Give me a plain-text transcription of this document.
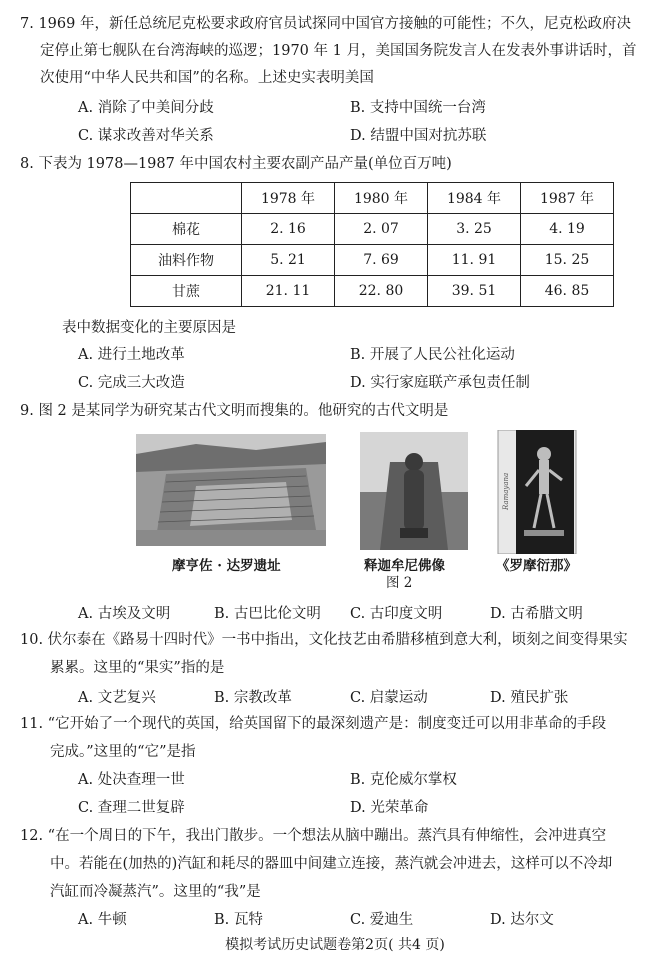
7. 1969 年，新任总统尼克松要求政府官员试探同中国官方接触的可能性；不久，尼克松政府决
定停止第七舰队在台湾海峡的巡逻；1970 年 1 月，美国国务院发言人在发表外事讲话时，首
次使用“中华人民共和国”的名称。上述史实表明美国
A. 消除了中美间分歧	B. 支持中国统一台湾
C. 谋求改善对华关系	D. 结盟中国对抗苏联
8. 下表为 1978—1987 年中国农村主要农副产品产量(单位百万吨)
	1978 年	1980 年	1984 年	1987 年
棉花	2. 16	2. 07	3. 25	4. 19
油料作物	5. 21	7. 69	11. 91	15. 25
甘蔗	21. 11	22. 80	39. 51	46. 85
表中数据变化的主要原因是
A. 进行土地改革	B. 开展了人民公社化运动
C. 完成三大改造	D. 实行家庭联产承包责任制
9. 图 2 是某同学为研究某古代文明而搜集的。他研究的古代文明是
Ramayana
摩亨佐 · 达罗遗址	释迦牟尼佛像	《罗摩衍那》
图 2
A. 古埃及文明	B. 古巴比伦文明 C. 古印度文明	D. 古希腊文明
10. 伏尔泰在《路易十四时代》一书中指出，文化技艺由希腊移植到意大利，顷刻之间变得果实
累累。这里的“果实”指的是
A. 文艺复兴	B. 宗教改革	C. 启蒙运动	D. 殖民扩张
11. “它开始了一个现代的英国，给英国留下的最深刻遗产是：制度变迁可以用非革命的手段
完成。”这里的“它”是指
A. 处决查理一世	B. 克伦威尔掌权
C. 查理二世复辟	D. 光荣革命
12. “在一个周日的下午，我出门散步。一个想法从脑中蹦出。蒸汽具有伸缩性，会冲进真空
中。若能在(加热的)汽缸和耗尽的器皿中间建立连接，蒸汽就会冲进去，这样可以不冷却
汽缸而冷凝蒸汽”。这里的“我”是
A. 牛顿	B. 瓦特	C. 爱迪生	D. 达尔文
模拟考试历史试题卷第2页( 共4 页)
